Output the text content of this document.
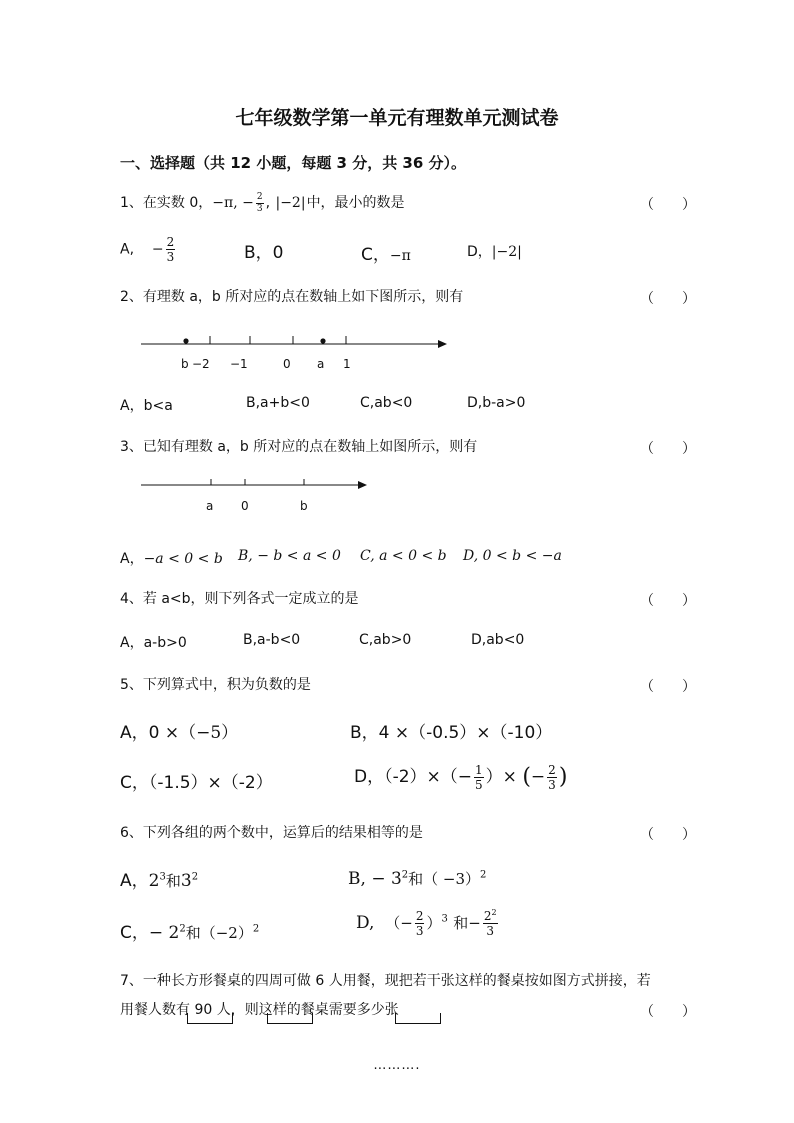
七年级数学第一单元有理数单元测试卷
一、选择题（共 12 小题，每题 3 分，共 36 分）。
1、在实数 0，−π, − $\frac{2}{3}$ , |−2|中，最小的数是	（　　）
A, − $\frac{2}{3}$	B，0	C，−π	D，|−2|
2、有理数 a，b 所对应的点在数轴上如下图所示，则有	（　　）
b −2 −1	0 a 1
A，b<a	B,a+b<0	C,ab<0	D,b-a>0
3、已知有理数 a，b 所对应的点在数轴上如图所示，则有	（　　）
a 0	b
A，−a < 0 < b B, − b < a < 0 C, a < 0 < b D, 0 < b < −a
4、若 a<b，则下列各式一定成立的是	（　　）
A，a-b>0	B,a-b<0	C,ab>0	D,ab<0
5、下列算式中，积为负数的是	（　　）
A，0 ×（−5）	B，4 ×（-0.5）×（-10）
C，（-1.5）×（-2）	D，$(-2)\times(- \frac{1}{5}$ ）× (− $\frac{2}{3}$ )
6、下列各组的两个数中，运算后的结果相等的是	（　　）
A，$2^3$和$3^2$	B, − $3^2$和（ −3）$^2$
C，− $2^2$和$(-2)^2$	D, （− $\frac{2}{3} )^3$ 和− $\frac{2^2}{3}$
7、一种长方形餐桌的四周可做 6 人用餐，现把若干张这样的餐桌按如图方式拼接，若
用餐人数有 90 人，则这样的餐桌需要多少张	（　　）
……….
